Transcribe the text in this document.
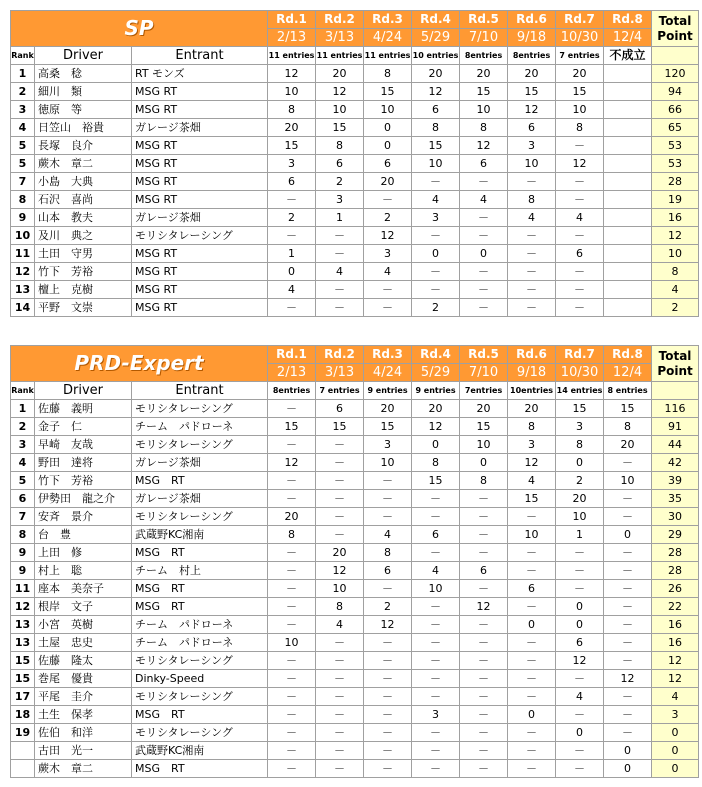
SP			Rd.1	Rd.2	Rd.3	Rd.4	Rd.5	Rd.6	Rd.7	Rd.8	Total
Point
			2/13	3/13	4/24	5/29	7/10	9/18	10/30	12/4	
Rank	Driver	Entrant	11 entries	11 entries	11 entries	10 entries	8entries	8entries	7 entries	不成立	
1	高桑　稔	RT モンズ	12	20	8	20	20	20	20		120
2	細川　類	MSG RT	10	12	15	12	15	15	15		94
3	徳原　等	MSG RT	8	10	10	6	10	12	10		66
4	日笠山　裕貴	ガレージ茶畑	20	15	0	8	8	6	8		65
5	長塚　良介	MSG RT	15	8	0	15	12	3	－		53
5	蕨木　章二	MSG RT	3	6	6	10	6	10	12		53
7	小島　大典	MSG RT	6	2	20	－	－	－	－		28
8	石沢　喜尚	MSG RT	－	3	－	4	4	8	－		19
9	山本　教夫	ガレージ茶畑	2	1	2	3	－	4	4		16
10	及川　典之	モリシタレーシング	－	－	12	－	－	－	－		12
11	土田　守男	MSG RT	1	－	3	0	0	－	6		10
12	竹下　芳裕	MSG RT	0	4	4	－	－	－	－		8
13	檀上　克樹	MSG RT	4	－	－	－	－	－	－		4
14	平野　文崇	MSG RT	－	－	－	2	－	－	－		2
PRD-Expert			Rd.1	Rd.2	Rd.3	Rd.4	Rd.5	Rd.6	Rd.7	Rd.8	Total
Point
			2/13	3/13	4/24	5/29	7/10	9/18	10/30	12/4	
Rank	Driver	Entrant	8entries	7 entries	9 entries	9 entries	7entries	10entries	14 entries	8 entries	
1	佐藤　義明	モリシタレーシング	－	6	20	20	20	20	15	15	116
2	金子　仁	チーム　パドローネ	15	15	15	12	15	8	3	8	91
3	早崎　友哉	モリシタレーシング	－	－	3	0	10	3	8	20	44
4	野田　達将	ガレージ茶畑	12	－	10	8	0	12	0	－	42
5	竹下　芳裕	MSG　RT	－	－	－	15	8	4	2	10	39
6	伊勢田　龍之介	ガレージ茶畑	－	－	－	－	－	15	20	－	35
7	安斉　景介	モリシタレーシング	20	－	－	－	－	－	10	－	30
8	台　豊	武蔵野KC湘南	8	－	4	6	－	10	1	0	29
9	上田　修	MSG　RT	－	20	8	－	－	－	－	－	28
9	村上　聡	チーム　村上	－	12	6	4	6	－	－	－	28
11	座本　美奈子	MSG　RT	－	10	－	10	－	6	－	－	26
12	根岸　文子	MSG　RT	－	8	2	－	12	－	0	－	22
13	小宮　英樹	チーム　パドローネ	－	4	12	－	－	0	0	－	16
13	土屋　忠史	チーム　パドローネ	10	－	－	－	－	－	6	－	16
15	佐藤　隆太	モリシタレーシング	－	－	－	－	－	－	12	－	12
15	巻尾　優貴	Dinky-Speed	－	－	－	－	－	－	－	12	12
17	平尾　圭介	モリシタレーシング	－	－	－	－	－	－	4	－	4
18	土生　保孝	MSG　RT	－	－	－	3	－	0	－	－	3
19	佐伯　和洋	モリシタレーシング	－	－	－	－	－	－	0	－	0
	古田　光一	武蔵野KC湘南	－	－	－	－	－	－	－	0	0
	蕨木　章二	MSG　RT	－	－	－	－	－	－	－	0	0
